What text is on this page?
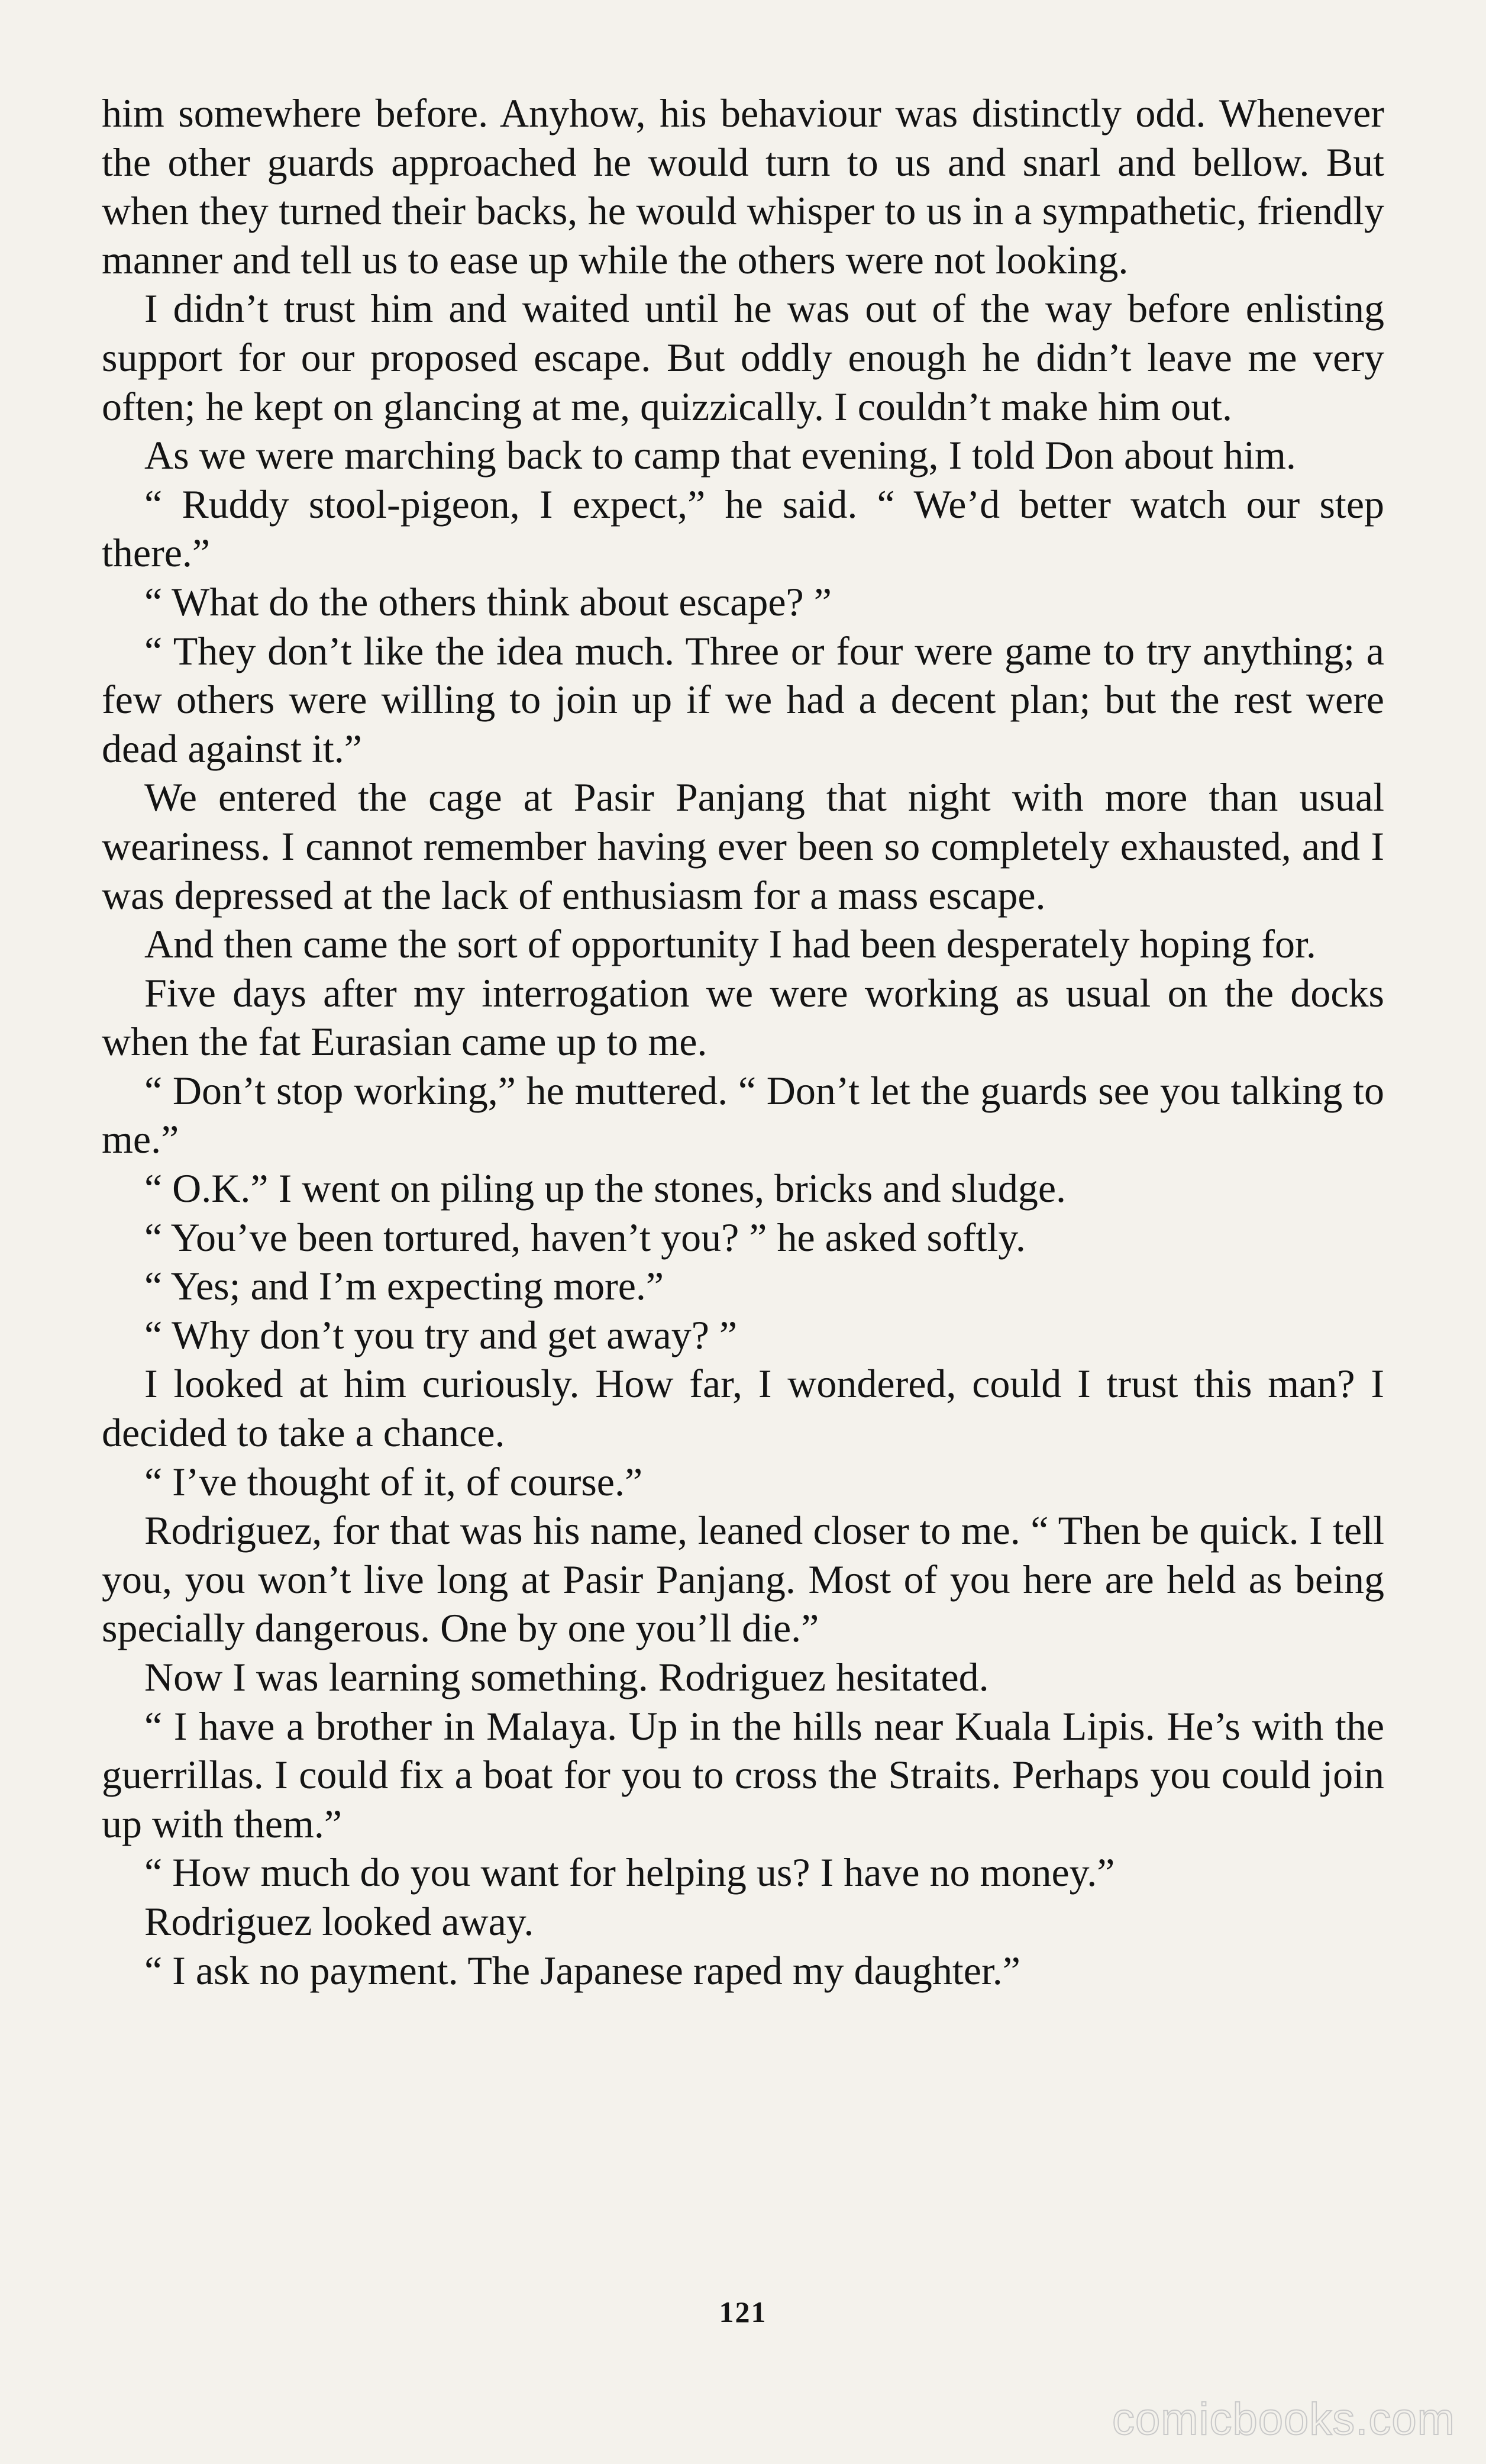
him somewhere before. Anyhow, his behaviour was distinctly odd. Whenever the other guards approached he would turn to us and snarl and bellow. But when they turned their backs, he would whisper to us in a sympathetic, friendly manner and tell us to ease up while the others were not looking.

I didn’t trust him and waited until he was out of the way before enlisting support for our proposed escape. But oddly enough he didn’t leave me very often; he kept on glancing at me, quizzically. I couldn’t make him out.

As we were marching back to camp that evening, I told Don about him.

“ Ruddy stool-pigeon, I expect,” he said. “ We’d better watch our step there.”

“ What do the others think about escape? ”

“ They don’t like the idea much. Three or four were game to try anything; a few others were willing to join up if we had a decent plan; but the rest were dead against it.”

We entered the cage at Pasir Panjang that night with more than usual weariness. I cannot remember having ever been so completely exhausted, and I was depressed at the lack of enthusiasm for a mass escape.

And then came the sort of opportunity I had been desperately hoping for.

Five days after my interrogation we were working as usual on the docks when the fat Eurasian came up to me.

“ Don’t stop working,” he muttered. “ Don’t let the guards see you talking to me.”

“ O.K.” I went on piling up the stones, bricks and sludge.

“ You’ve been tortured, haven’t you? ” he asked softly.

“ Yes; and I’m expecting more.”

“ Why don’t you try and get away? ”

I looked at him curiously. How far, I wondered, could I trust this man? I decided to take a chance.

“ I’ve thought of it, of course.”

Rodriguez, for that was his name, leaned closer to me. “ Then be quick. I tell you, you won’t live long at Pasir Panjang. Most of you here are held as being specially dangerous. One by one you’ll die.”

Now I was learning something. Rodriguez hesitated.

“ I have a brother in Malaya. Up in the hills near Kuala Lipis. He’s with the guerrillas. I could fix a boat for you to cross the Straits. Perhaps you could join up with them.”

“ How much do you want for helping us? I have no money.”

Rodriguez looked away.

“ I ask no payment. The Japanese raped my daughter.”

121
comicbooks.com
